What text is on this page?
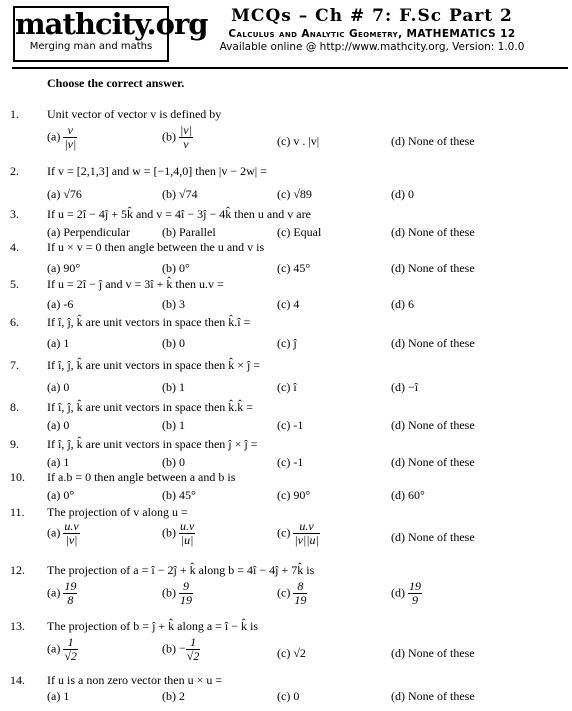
mathcity.org
Merging man and maths
MCQs – Ch # 7: F.Sc Part 2
Calculus and Analytic Geometry, MATHEMATICS 12
Available online @ http://www.mathcity.org, Version: 1.0.0
Choose the correct answer.
1.	Unit vector of vector v is defined by
$(a) \frac{v}{|v|}$	$(b) \frac{|v|}{v}$	(c) v . |v|	(d) None of these
2.	If v = [2,1,3] and w = [−1,4,0] then |v − 2w| =
(a) √76	(b) √74	(c) √89	(d) 0
3.	If u = 2î − 4ĵ + 5k̂ and v = 4î − 3ĵ − 4k̂ then u and v are
(a) Perpendicular	(b) Parallel	(c) Equal	(d) None of these
4.	If u × v = 0 then angle between the u and v is
(a) 90°	(b) 0°	(c) 45°	(d) None of these
5.	If u = 2î − ĵ and v = 3î + k̂ then u.v =
(a) -6	(b) 3	(c) 4	(d) 6
6.	If î, ĵ, k̂ are unit vectors in space then k̂.î =
(a) 1	(b) 0	(c) ĵ	(d) None of these
7.	If î, ĵ, k̂ are unit vectors in space then k̂ × ĵ =
(a) 0	(b) 1	(c) î	(d) −î
8.	If î, ĵ, k̂ are unit vectors in space then k̂.k̂ =
(a) 0	(b) 1	(c) -1	(d) None of these
9.	If î, ĵ, k̂ are unit vectors in space then ĵ × ĵ =
(a) 1	(b) 0	(c) -1	(d) None of these
10.	If a.b = 0 then angle between a and b is
(a) 0°	(b) 45°	(c) 90°	(d) 60°
11.	The projection of v along u =
$(a) \frac{u.v}{|v|}$	$(b) \frac{u.v}{|u|}$	$(c) \frac{u.v}{|v||u|}$	(d) None of these
12.	The projection of a = î − 2ĵ + k̂ along b = 4î − 4ĵ + 7k̂ is
$(a) \frac{19}{8}$	$(b) \frac{9}{19}$	$(c) \frac{8}{19}$	$(d) \frac{19}{9}$
13.	The projection of b = ĵ + k̂ along a = î − k̂ is
$(a) \frac{1}{√2}$	$(b) - \frac{1}{√2}$	(c) √2	(d) None of these
14.	If u is a non zero vector then u × u =
(a) 1	(b) 2	(c) 0	(d) None of these
